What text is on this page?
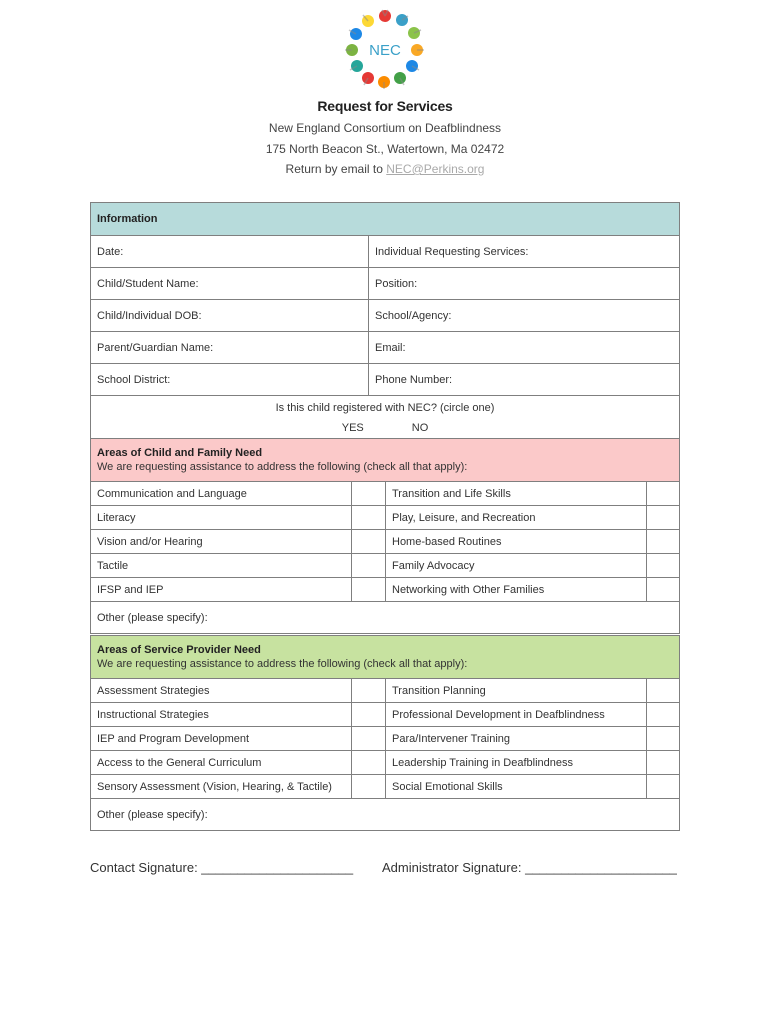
NEC
Request for Services
New England Consortium on Deafblindness
175 North Beacon St., Watertown, Ma 02472
Return by email to NEC@Perkins.org
Information	
Date:	Individual Requesting Services:
Child/Student Name:	Position:
Child/Individual DOB:	School/Agency:
Parent/Guardian Name:	Email:
School District:	Phone Number:

Is this child registered with NEC? (circle one)
YES NO	
Areas of Child and Family Need
We are requesting assistance to address the following (check all that apply):			

Communication and Language		Transition and Life Skills	
Literacy		Play, Leisure, and Recreation	
Vision and/or Hearing		Home-based Routines	
Tactile		Family Advocacy	
IFSP and IEP		Networking with Other Families	
Other (please specify):			
Areas of Service Provider Need
We are requesting assistance to address the following (check all that apply):			

Assessment Strategies		Transition Planning	
Instructional Strategies		Professional Development in Deafblindness	
IEP and Program Development		Para/Intervener Training	
Access to the General Curriculum		Leadership Training in Deafblindness	
Sensory Assessment (Vision, Hearing, & Tactile)		Social Emotional Skills	
Other (please specify):			
Contact Signature: _____________________ Administrator Signature: _____________________
